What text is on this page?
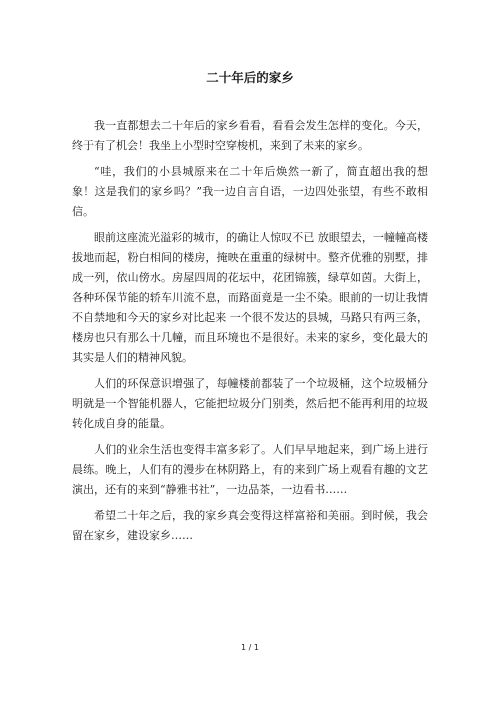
二十年后的家乡

我一直都想去二十年后的家乡看看，看看会发生怎样的变化。今天，终于有了机会！我坐上小型时空穿梭机，来到了未来的家乡。

“哇，我们的小县城原来在二十年后焕然一新了，简直超出我的想象！这是我们的家乡吗？”我一边自言自语，一边四处张望，有些不敢相信。

眼前这座流光溢彩的城市，的确让人惊叹不已 放眼望去，一幢幢高楼拔地而起，粉白相间的楼房，掩映在重重的绿树中。整齐优雅的别墅，排成一列，依山傍水。房屋四周的花坛中，花团锦簇，绿草如茵。大街上，各种环保节能的轿车川流不息，而路面竟是一尘不染。眼前的一切让我情不自禁地和今天的家乡对比起来 一个很不发达的县城，马路只有两三条，楼房也只有那么十几幢，而且环境也不是很好。未来的家乡，变化最大的其实是人们的精神风貌。

人们的环保意识增强了，每幢楼前都装了一个垃圾桶，这个垃圾桶分明就是一个智能机器人，它能把垃圾分门别类，然后把不能再利用的垃圾转化成自身的能量。

人们的业余生活也变得丰富多彩了。人们早早地起来，到广场上进行晨练。晚上，人们有的漫步在林阴路上，有的来到广场上观看有趣的文艺演出，还有的来到“静雅书社”，一边品茶，一边看书……

希望二十年之后，我的家乡真会变得这样富裕和美丽。到时候，我会留在家乡，建设家乡……

1 / 1
